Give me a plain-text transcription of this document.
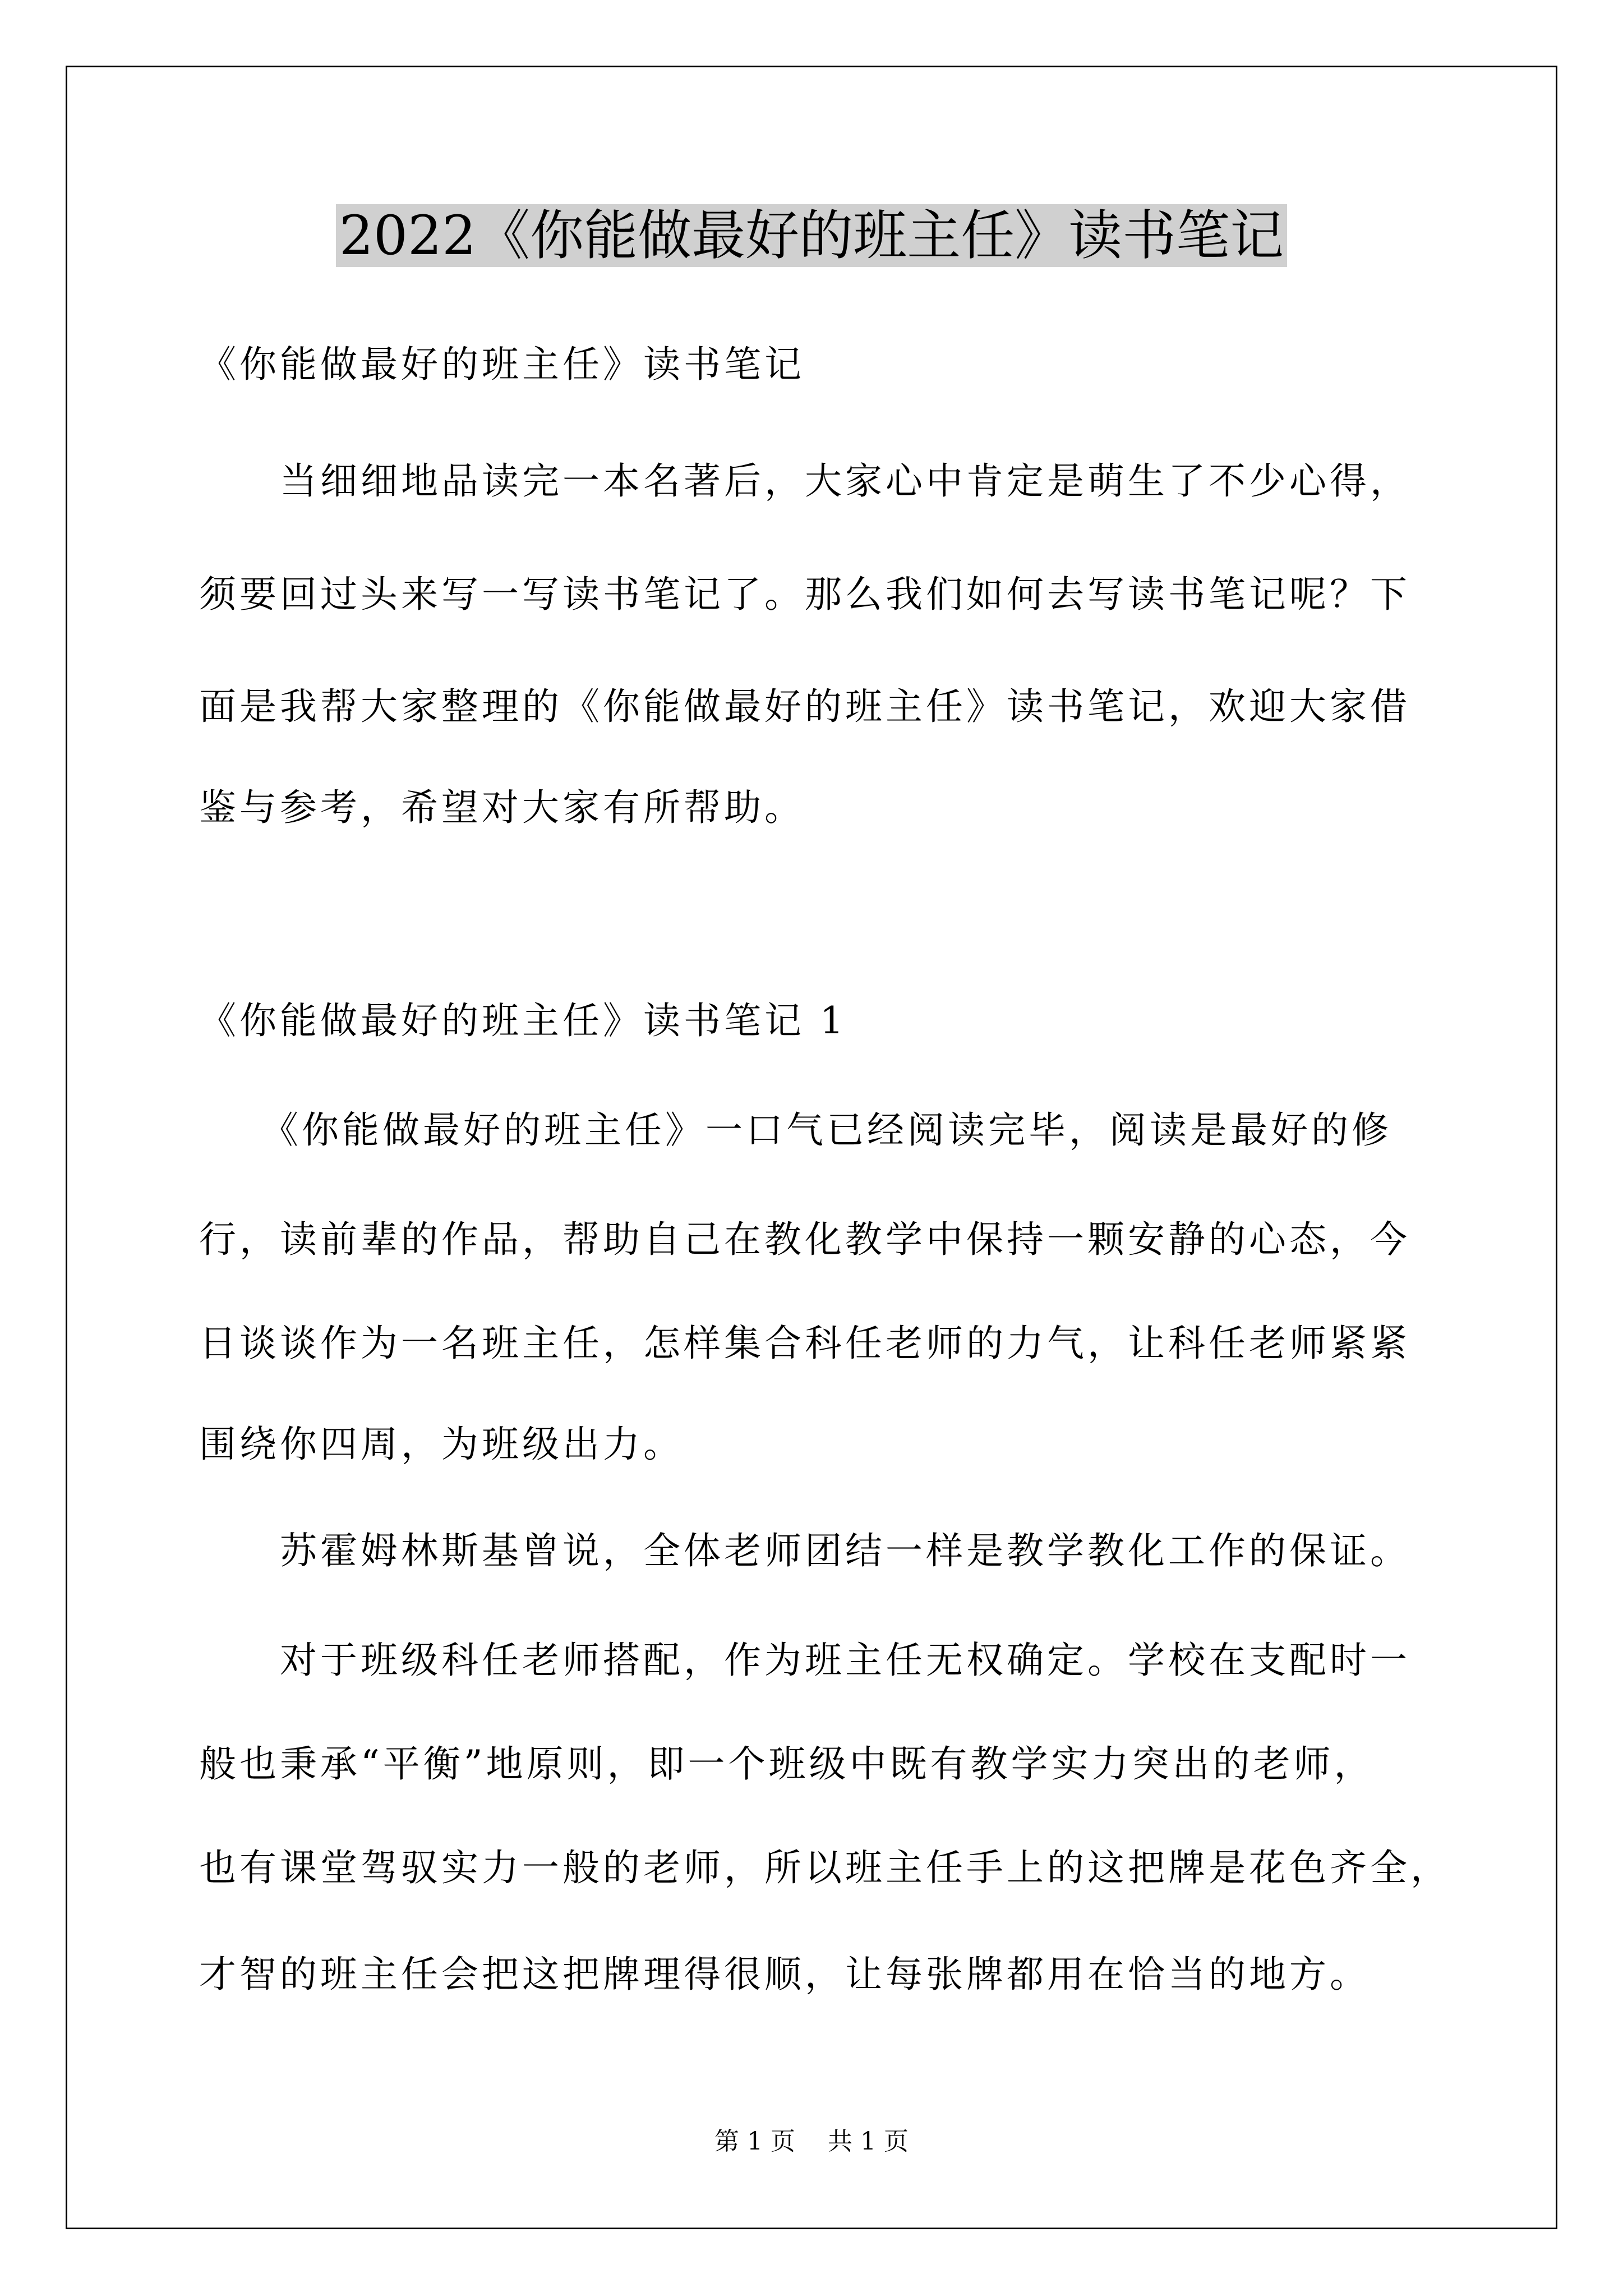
2022《你能做最好的班主任》读书笔记
《你能做最好的班主任》读书笔记
　　当细细地品读完一本名著后，大家心中肯定是萌生了不少心得，
须要回过头来写一写读书笔记了。那么我们如何去写读书笔记呢？下
面是我帮大家整理的《你能做最好的班主任》读书笔记，欢迎大家借
鉴与参考，希望对大家有所帮助。
《你能做最好的班主任》读书笔记 1
　　《你能做最好的班主任》一口气已经阅读完毕，阅读是最好的修
行，读前辈的作品，帮助自己在教化教学中保持一颗安静的心态，今
日谈谈作为一名班主任，怎样集合科任老师的力气，让科任老师紧紧
围绕你四周，为班级出力。
　　苏霍姆林斯基曾说，全体老师团结一样是教学教化工作的保证。
　　对于班级科任老师搭配，作为班主任无权确定。学校在支配时一
般也秉承“平衡”地原则，即一个班级中既有教学实力突出的老师，
也有课堂驾驭实力一般的老师，所以班主任手上的这把牌是花色齐全，
才智的班主任会把这把牌理得很顺，让每张牌都用在恰当的地方。
第 1 页　 共 1 页
